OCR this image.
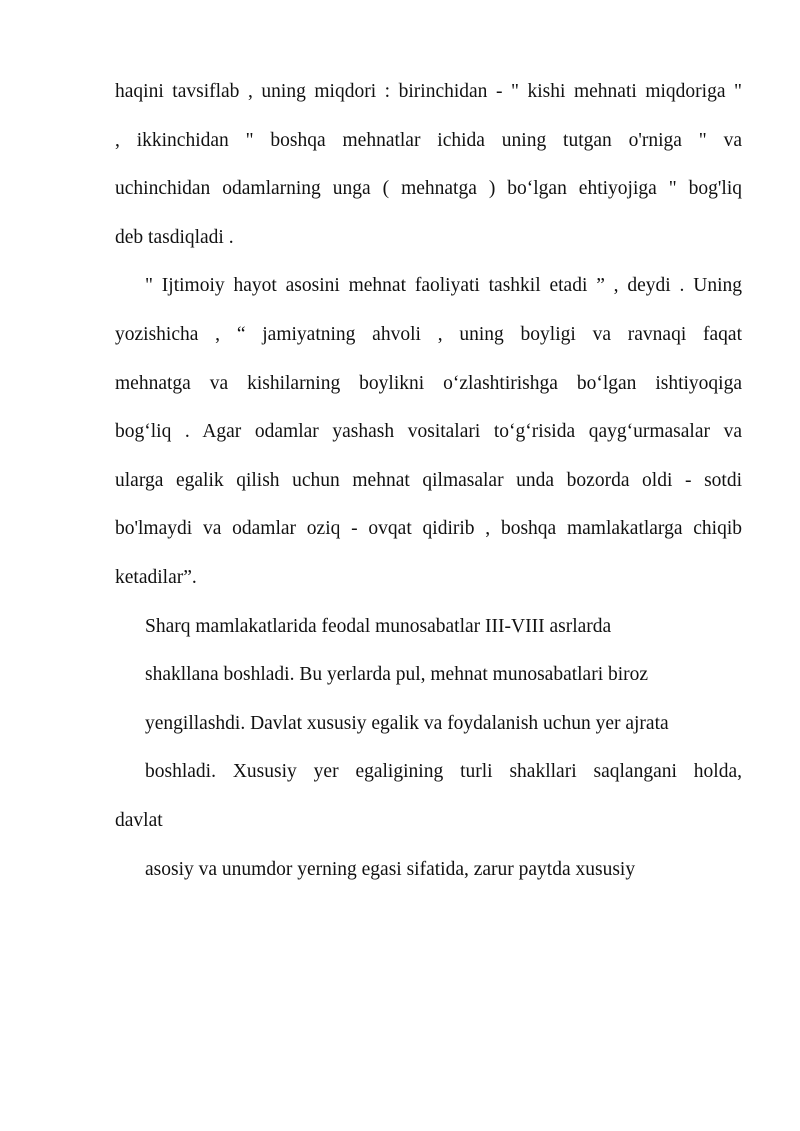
haqini tavsiflab , uning miqdori : birinchidan - " kishi mehnati miqdoriga "
, ikkinchidan " boshqa mehnatlar ichida uning tutgan o'rniga " va
uchinchidan odamlarning unga ( mehnatga ) bo‘lgan ehtiyojiga " bog'liq
deb tasdiqladi .
" Ijtimoiy hayot asosini mehnat faoliyati tashkil etadi ” , deydi . Uning
yozishicha , “ jamiyatning ahvoli , uning boyligi va ravnaqi faqat
mehnatga va kishilarning boylikni o‘zlashtirishga bo‘lgan ishtiyoqiga
bog‘liq . Agar odamlar yashash vositalari to‘g‘risida qayg‘urmasalar va
ularga egalik qilish uchun mehnat qilmasalar unda bozorda oldi - sotdi
bo'lmaydi va odamlar oziq - ovqat qidirib , boshqa mamlakatlarga chiqib
ketadilar”.
Sharq mamlakatlarida feodal munosabatlar III-VIII asrlarda
shakllana boshladi. Bu yerlarda pul, mehnat munosabatlari biroz
yengillashdi. Davlat xususiy egalik va foydalanish uchun yer ajrata
boshladi. Xususiy yer egaligining turli shakllari saqlangani holda,
davlat
asosiy va unumdor yerning egasi sifatida, zarur paytda xususiy
